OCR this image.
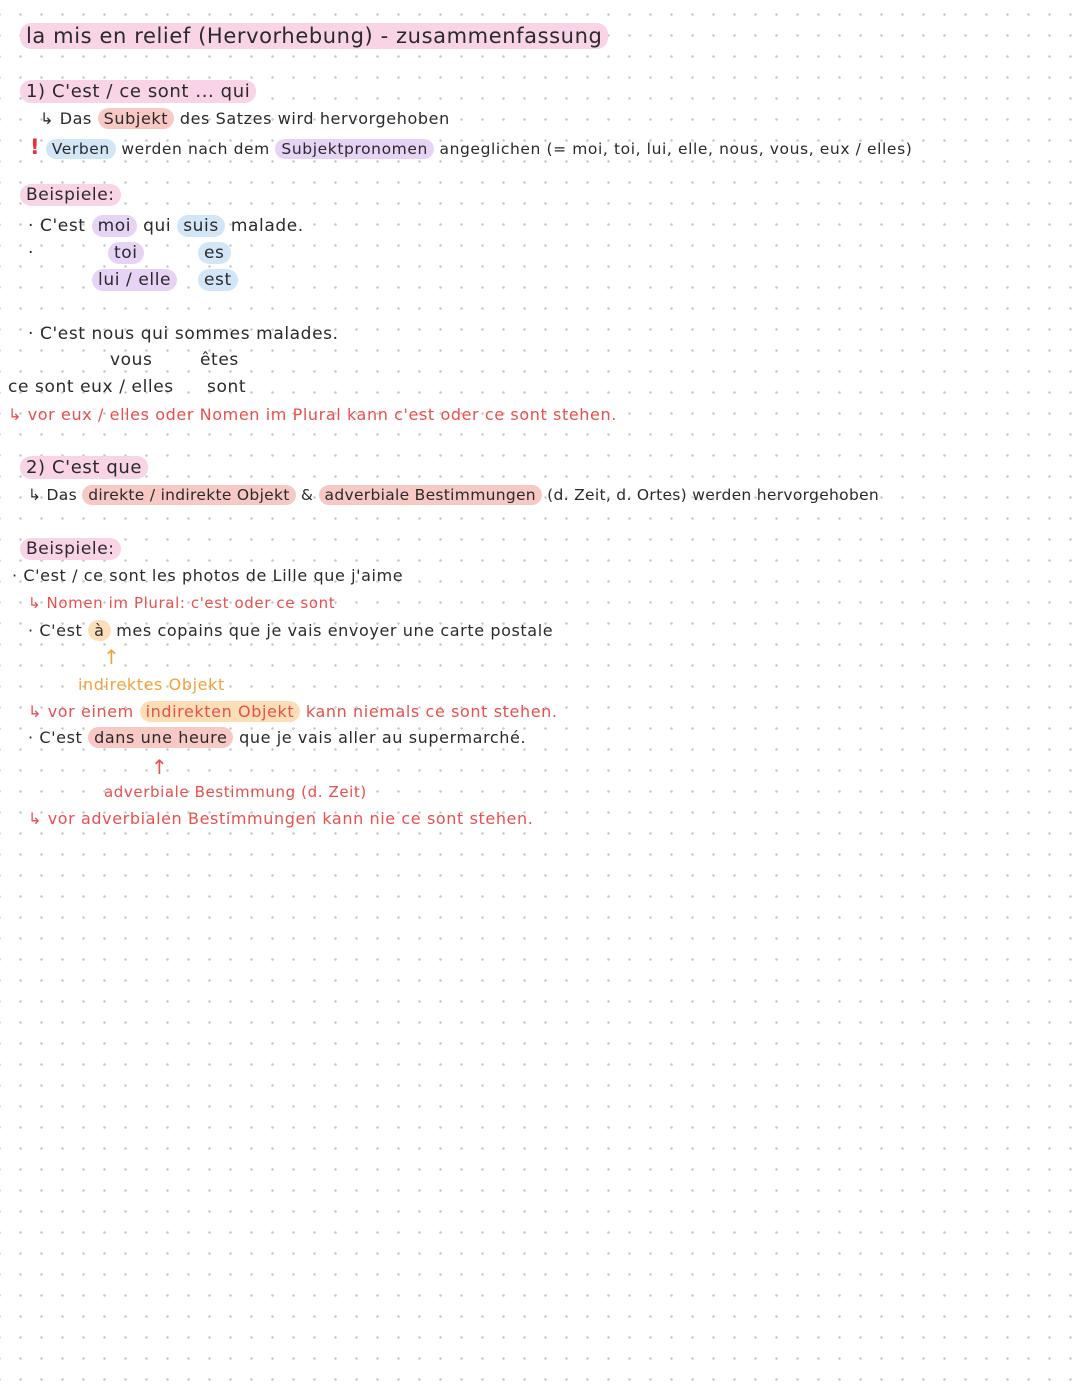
la mis en relief (Hervorhebung) - zusammenfassung
1) C'est / ce sont ... qui
↳ Das Subjekt des Satzes wird hervorgehoben
! Verben werden nach dem Subjektpronomen angeglichen (= moi, toi, lui, elle, nous, vous, eux / elles)
Beispiele:
· C'est moi qui suis malade.
·	toi	es
lui / elle	est
· C'est nous qui sommes malades.
vous	êtes
ce sont eux / elles sont
↳ vor eux / elles oder Nomen im Plural kann c'est oder ce sont stehen.
2) C'est que
↳ Das direkte / indirekte Objekt & adverbiale Bestimmungen (d. Zeit, d. Ortes) werden hervorgehoben
Beispiele:
· C'est / ce sont les photos de Lille que j'aime
↳ Nomen im Plural: c'est oder ce sont
· C'est à mes copains que je vais envoyer une carte postale
↑
indirektes Objekt
↳ vor einem indirekten Objekt kann niemals ce sont stehen.
· C'est dans une heure que je vais aller au supermarché.
↑
adverbiale Bestimmung (d. Zeit)
↳ vor adverbialen Bestimmungen kann nie ce sont stehen.
